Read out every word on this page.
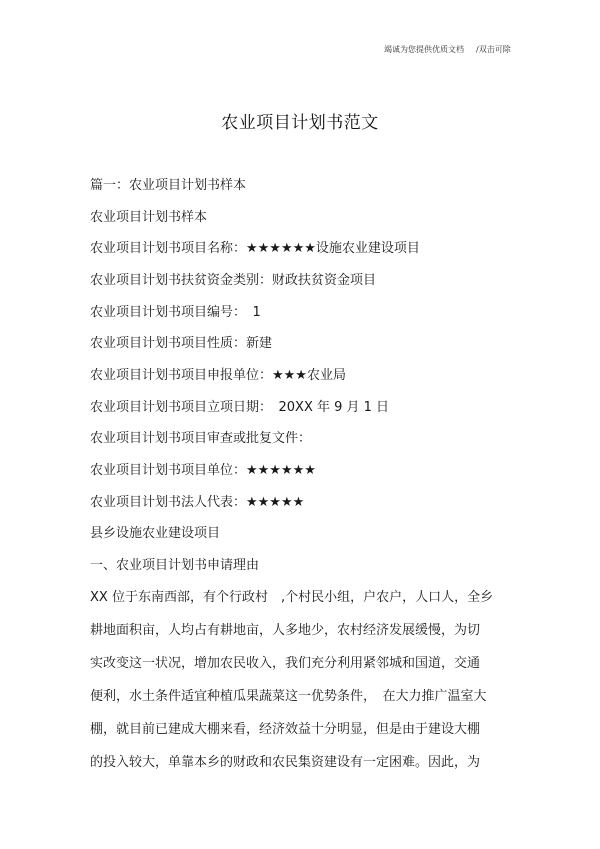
竭诚为您提供优质文档 /双击可除
农业项目计划书范文
篇一：农业项目计划书样本
农业项目计划书样本
农业项目计划书项目名称：★★★★★★设施农业建设项目
农业项目计划书扶贫资金类别：财政扶贫资金项目
农业项目计划书项目编号：　1
农业项目计划书项目性质：新建
农业项目计划书项目申报单位：★★★农业局
农业项目计划书项目立项日期：　20XX 年 9 月 1 日
农业项目计划书项目审查或批复文件：
农业项目计划书项目单位：★★★★★★
农业项目计划书法人代表：★★★★★
县乡设施农业建设项目
一、农业项目计划书申请理由
XX 位于东南西部，有个行政村　,个村民小组，户农户，人口人，全乡
耕地面积亩，人均占有耕地亩，人多地少，农村经济发展缓慢，为切
实改变这一状况，增加农民收入，我们充分利用紧邻城和国道，交通
便利，水土条件适宜种植瓜果蔬菜这一优势条件，　在大力推广温室大
棚，就目前已建成大棚来看，经济效益十分明显，但是由于建设大棚
的投入较大，单靠本乡的财政和农民集资建设有一定困难。因此，为
